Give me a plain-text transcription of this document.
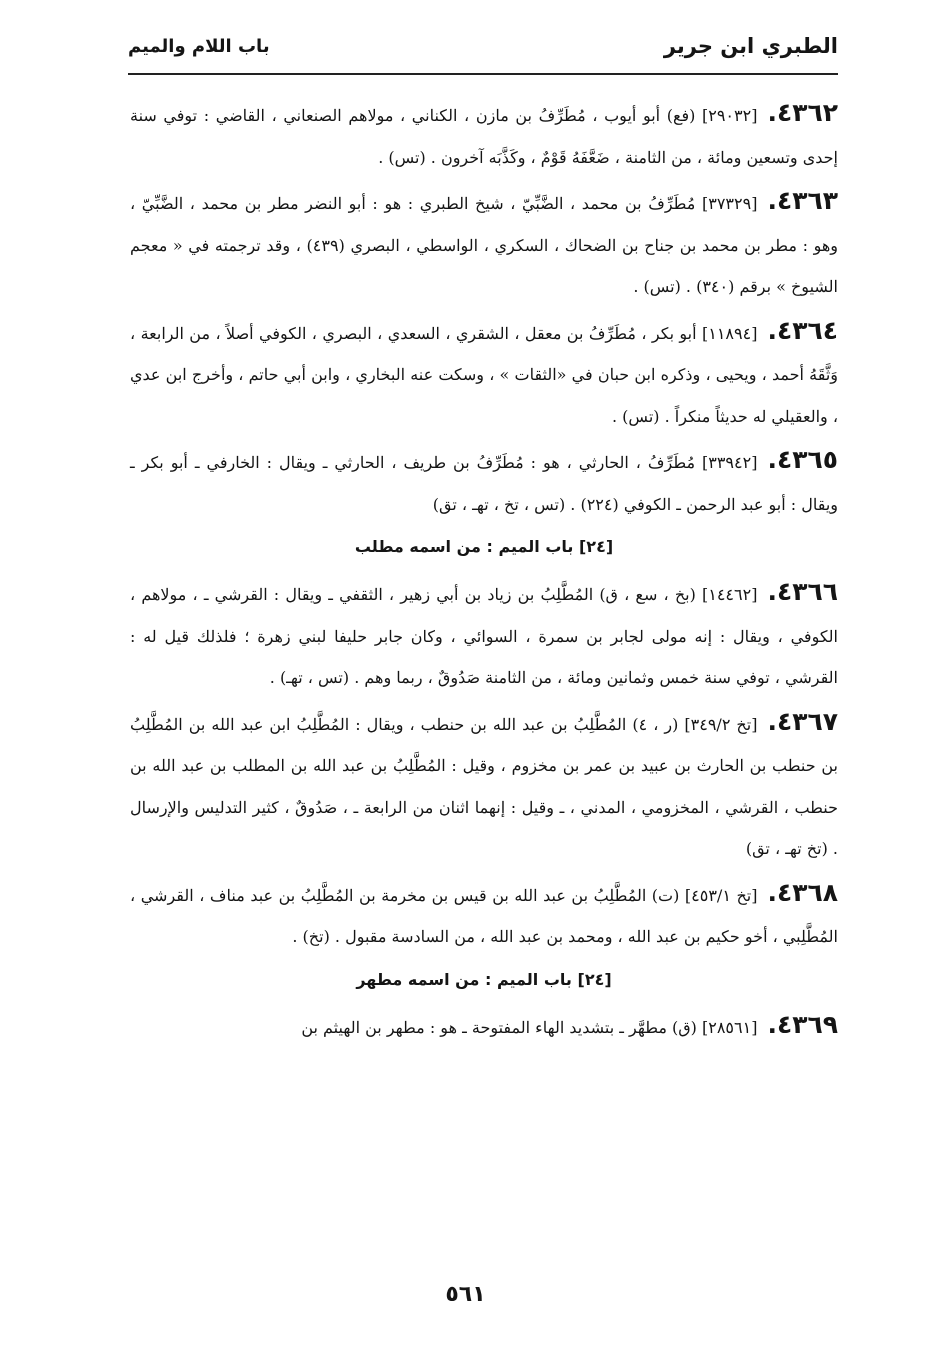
الطبري ابن جرير
باب اللام والميم
٤٣٦٢.[٢٩٠٣٢] (فع) أبو أيوب ، مُطَرِّفُ بن مازن ، الكناني ، مولاهم الصنعاني ، القاضي : توفي سنة إحدى وتسعين ومائة ، من الثامنة ، ضَعَّفَهُ قَوْمٌ ، وكَذَّبَه آخرون . (تس) .
٤٣٦٣.[٣٧٣٢٩] مُطَرِّفُ بن محمد ، الضَّبِّيّ ، شيخ الطبري : هو : أبو النضر مطر بن محمد ، الضَّبِّيّ ، وهو : مطر بن محمد بن جناح بن الضحاك ، السكري ، الواسطي ، البصري (٤٣٩) ، وقد ترجمته في « معجم الشيوخ » برقم (٣٤٠) . (تس) .
٤٣٦٤.[١١٨٩٤] أبو بكر ، مُطَرِّفُ بن معقل ، الشقري ، السعدي ، البصري ، الكوفي أصلاً ، من الرابعة ، وَثَّقَهُ أحمد ، ويحيى ، وذكره ابن حبان في «الثقات » ، وسكت عنه البخاري ، وابن أبي حاتم ، وأخرج ابن عدي ، والعقيلي له حديثاً منكراً . (تس) .
٤٣٦٥.[٣٣٩٤٢] مُطَرِّفُ ، الحارثي ، هو : مُطَرِّفُ بن طريف ، الحارثي ـ ويقال : الخارفي ـ أبو بكر ـ ويقال : أبو عبد الرحمن ـ الكوفي (٢٢٤) . (تس ، تخ ، تهـ ، تق)
[٢٤] باب الميم : من اسمه مطلب
٤٣٦٦.[١٤٤٦٢] (بخ ، سع ، ق) المُطَّلِبُ بن زياد بن أبي زهير ، الثقفي ـ ويقال : القرشي ـ ، مولاهم ، الكوفي ، ويقال : إنه مولى لجابر بن سمرة ، السوائي ، وكان جابر حليفا لبني زهرة ؛ فلذلك قيل له : القرشي ، توفي سنة خمس وثمانين ومائة ، من الثامنة صَدُوقٌ ، ربما وهم . (تس ، تهـ) .
٤٣٦٧.[تخ ٣٤٩/٢] (ر ، ٤) المُطَّلِبُ بن عبد الله بن حنطب ، ويقال : المُطَّلِبُ ابن عبد الله بن المُطَّلِبُ بن حنطب بن الحارث بن عبيد بن عمر بن مخزوم ، وقيل : المُطَّلِبُ بن عبد الله بن المطلب بن عبد الله بن حنطب ، القرشي ، المخزومي ، المدني ، ـ وقيل : إنهما اثنان من الرابعة ـ ، صَدُوقٌ ، كثير التدليس والإرسال . (تخ تهـ ، تق)
٤٣٦٨.[تخ ٤٥٣/١] (ت) المُطَّلِبُ بن عبد الله بن قيس بن مخرمة بن المُطَّلِبُ بن عبد مناف ، القرشي ، المُطَّلِبي ، أخو حكيم بن عبد الله ، ومحمد بن عبد الله ، من السادسة مقبول . (تخ) .
[٢٤] باب الميم : من اسمه مطهر
٤٣٦٩.[٢٨٥٦١] (ق) مطهَّر ـ بتشديد الهاء المفتوحة ـ هو : مطهر بن الهيثم بن
٥٦١
